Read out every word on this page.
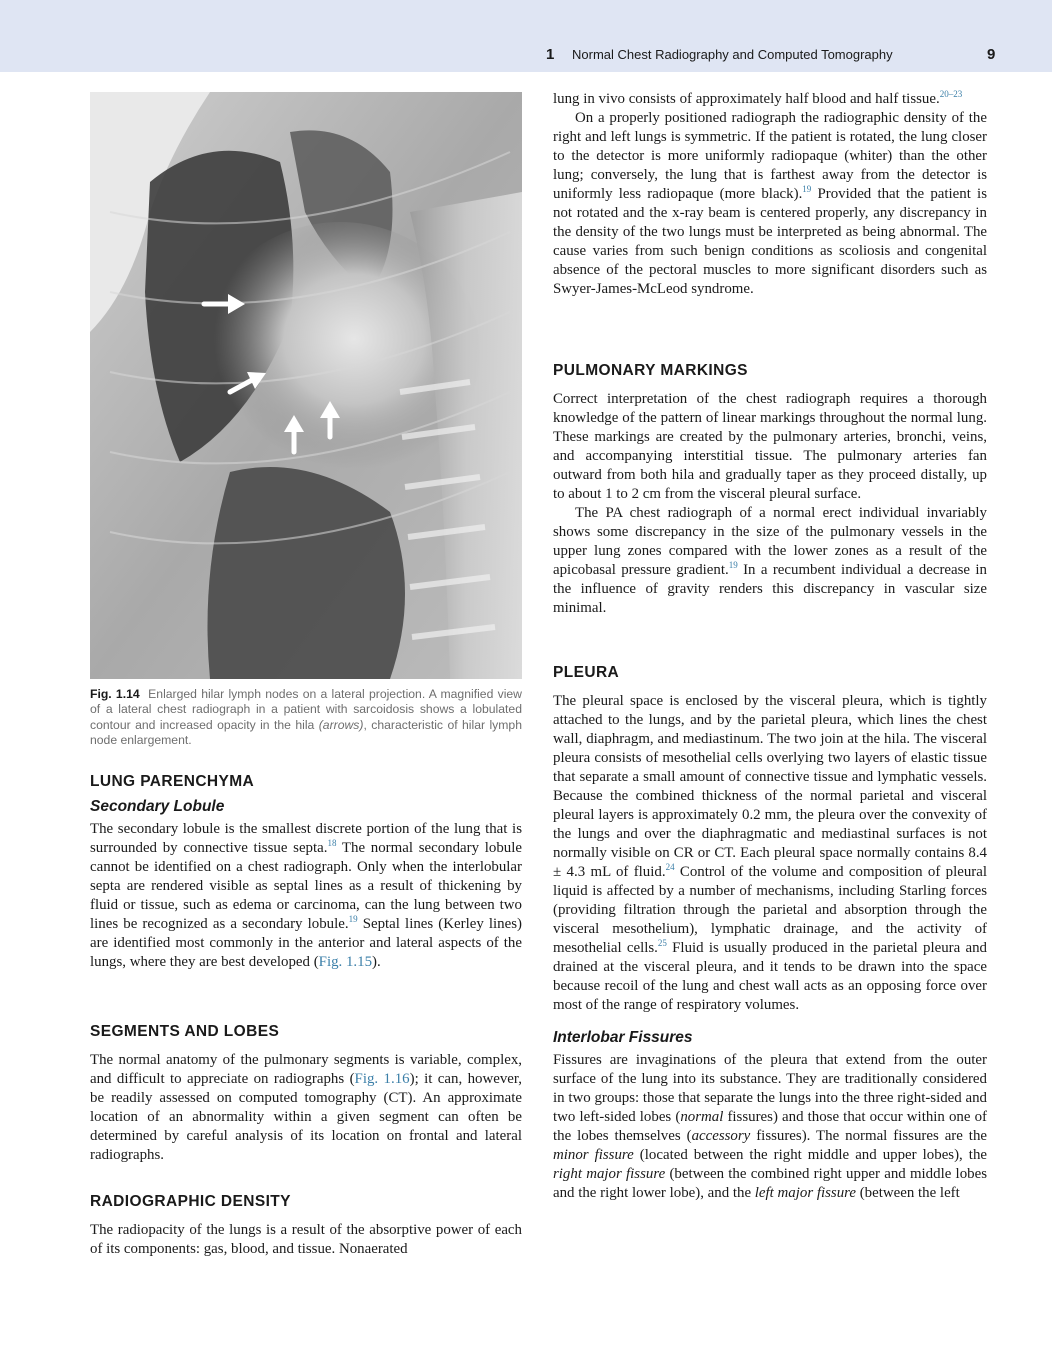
1 Normal Chest Radiography and Computed Tomography	9
Fig. 1.14 Enlarged hilar lymph nodes on a lateral projection. A magnified view of a lateral chest radiograph in a patient with sarcoidosis shows a lobulated contour and increased opacity in the hila (arrows), characteristic of hilar lymph node enlargement.
LUNG PARENCHYMA
Secondary Lobule

The secondary lobule is the smallest discrete portion of the lung that is surrounded by connective tissue septa.$^{18}$ The normal secondary lobule cannot be identified on a chest radiograph. Only when the interlobular septa are rendered visible as septal lines as a result of thickening by fluid or tissue, such as edema or carcinoma, can the lung between two lines be recognized as a secondary lobule.$^{19}$ Septal lines (Kerley lines) are identified most commonly in the anterior and lateral aspects of the lungs, where they are best developed (Fig. 1.15).

SEGMENTS AND LOBES

The normal anatomy of the pulmonary segments is variable, complex, and difficult to appreciate on radiographs (Fig. 1.16); it can, however, be readily assessed on computed tomography (CT). An approximate location of an abnormality within a given segment can often be determined by careful analysis of its location on frontal and lateral radiographs.

RADIOGRAPHIC DENSITY

The radiopacity of the lungs is a result of the absorptive power of each of its components: gas, blood, and tissue. Nonaerated

lung in vivo consists of approximately half blood and half tissue.$^{20-23}$

On a properly positioned radiograph the radiographic density of the right and left lungs is symmetric. If the patient is rotated, the lung closer to the detector is more uniformly radiopaque (whiter) than the other lung; conversely, the lung that is farthest away from the detector is uniformly less radiopaque (more black).$^{19}$ Provided that the patient is not rotated and the x-ray beam is centered properly, any discrepancy in the density of the two lungs must be interpreted as being abnormal. The cause varies from such benign conditions as scoliosis and congenital absence of the pectoral muscles to more significant disorders such as Swyer-James-McLeod syndrome.

PULMONARY MARKINGS

Correct interpretation of the chest radiograph requires a thorough knowledge of the pattern of linear markings throughout the normal lung. These markings are created by the pulmonary arteries, bronchi, veins, and accompanying interstitial tissue. The pulmonary arteries fan outward from both hila and gradually taper as they proceed distally, up to about 1 to 2 cm from the visceral pleural surface.

The PA chest radiograph of a normal erect individual invariably shows some discrepancy in the size of the pulmonary vessels in the upper lung zones compared with the lower zones as a result of the apicobasal pressure gradient.$^{19}$ In a recumbent individual a decrease in the influence of gravity renders this discrepancy in vascular size minimal.

PLEURA

The pleural space is enclosed by the visceral pleura, which is tightly attached to the lungs, and by the parietal pleura, which lines the chest wall, diaphragm, and mediastinum. The two join at the hila. The visceral pleura consists of mesothelial cells overlying two layers of elastic tissue that separate a small amount of connective tissue and lymphatic vessels. Because the combined thickness of the normal parietal and visceral pleural layers is approximately 0.2 mm, the pleura over the convexity of the lungs and over the diaphragmatic and mediastinal surfaces is not normally visible on CR or CT. Each pleural space normally contains 8.4 ± 4.3 mL of fluid.$^{24}$ Control of the volume and composition of pleural liquid is affected by a number of mechanisms, including Starling forces (providing filtration through the parietal and absorption through the visceral mesothelium), lymphatic drainage, and the activity of mesothelial cells.$^{25}$ Fluid is usually produced in the parietal pleura and drained at the visceral pleura, and it tends to be drawn into the space because recoil of the lung and chest wall acts as an opposing force over most of the range of respiratory volumes.

Interlobar Fissures

Fissures are invaginations of the pleura that extend from the outer surface of the lung into its substance. They are traditionally considered in two groups: those that separate the lungs into the three right-sided and two left-sided lobes (normal fissures) and those that occur within one of the lobes themselves (accessory fissures). The normal fissures are the minor fissure (located between the right middle and upper lobes), the right major fissure (between the combined right upper and middle lobes and the right lower lobe), and the left major fissure (between the left
